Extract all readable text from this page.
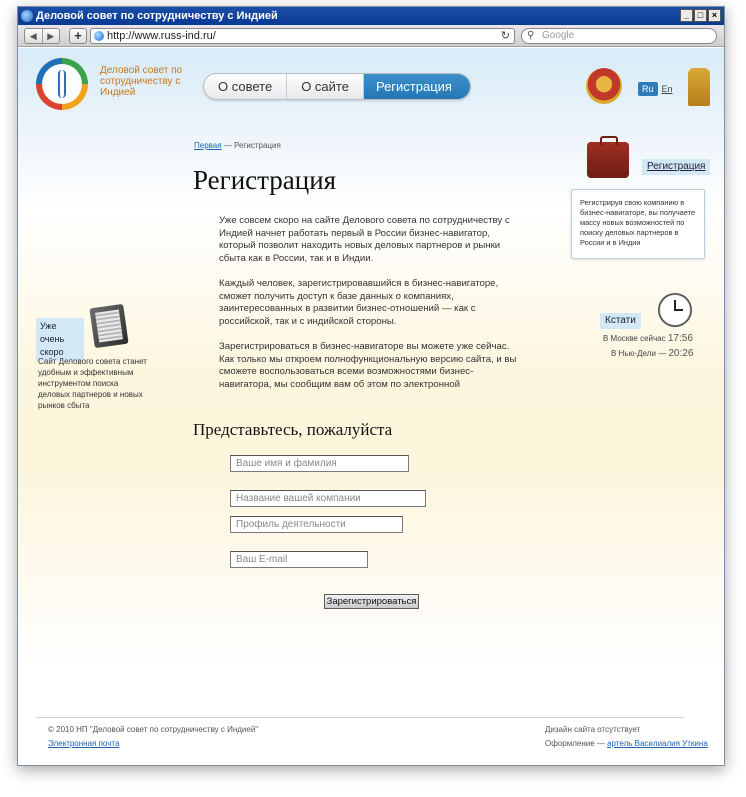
Деловой совет по сотрудничеству с Индией	_ □ ×
◀	▶	+	http://www.russ-ind.ru/	↻ ⚲ Google
Деловой совет по сотрудничеству с Индией	О совете	О сайте	Регистрация	Ru En
Первая — Регистрация
Регистрация

Уже совсем скоро на сайте Делового совета по сотрудничеству с Индией начнет работать первый в России бизнес-навигатор, который позволит находить новых деловых партнеров и рынки сбыта как в России, так и в Индии.

Каждый человек, зарегистрировавшийся в бизнес-навигаторе, сможет получить доступ к базе данных о компаниях, заинтересованных в развитии бизнес-отношений — как с российской, так и с индийской стороны.

Зарегистрироваться в бизнес-навигаторе вы можете уже сейчас. Как только мы откроем полнофункциональную версию сайта, и вы сможете воспользоваться всеми возможностями бизнес-навигатора, мы сообщим вам об этом по электронной

Уже очень скоро
Сайт Делового совета станет удобным и эффективным инструментом поиска деловых партнеров и новых рынков сбыта
Регистрация
Регистрируя свою компанию в бизнес-навигаторе, вы получаете массу новых возможностей по поиску деловых партнеров в России и в Индии
Кстати
В Москве сейчас 17:56
В Нью-Дели — 20:26
Представьтесь, пожалуйста
Ваше имя и фамилия
Название вашей компании
Профиль деятельности
Ваш E-mail
Зарегистрироваться
© 2010 НП "Деловой совет по сотрудничеству с Индией"
Электронная почта
Дизайн сайта отсутствует
Оформление — артель Василиалия Уткина
